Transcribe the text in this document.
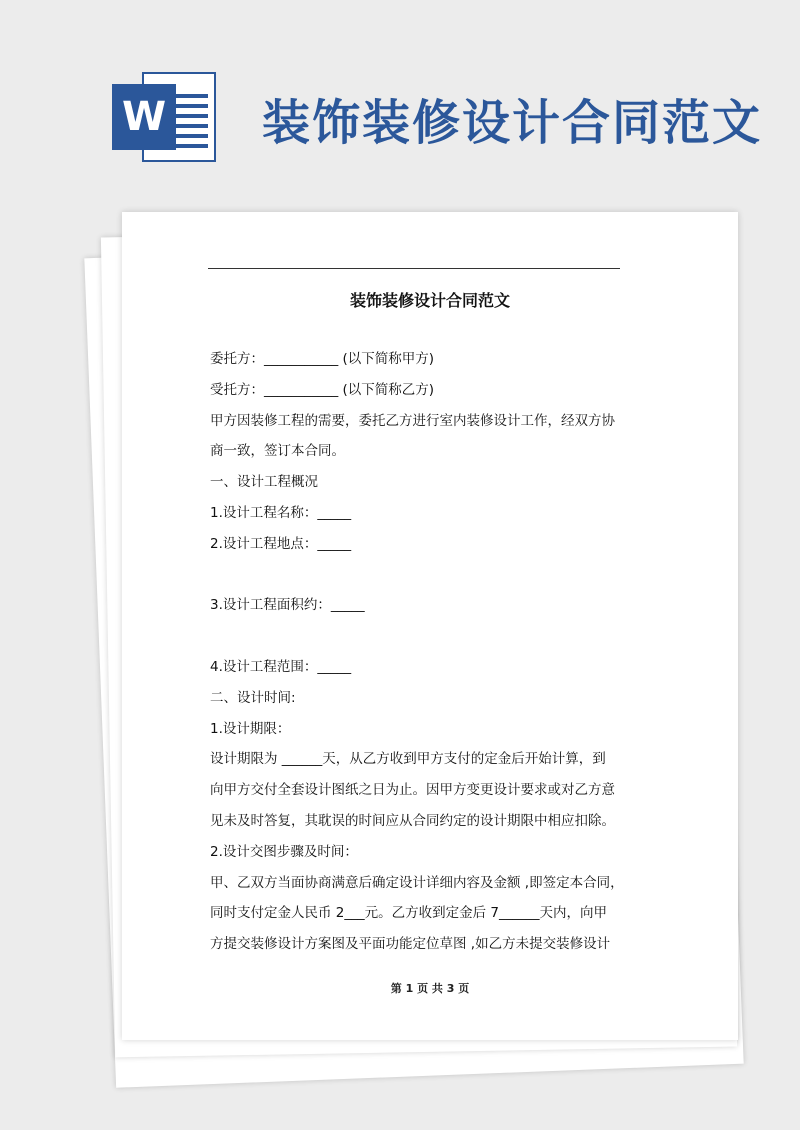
W 装饰装修设计合同范文
装饰装修设计合同范文
委托方：___________ (以下简称甲方)
受托方：___________ (以下简称乙方)
甲方因装修工程的需要，委托乙方进行室内装修设计工作，经双方协
商一致，签订本合同。
一、设计工程概况
1.设计工程名称：_____
2.设计工程地点：_____
3.设计工程面积约：_____
4.设计工程范围：_____
二、设计时间:
1.设计期限：
设计期限为 ______天，从乙方收到甲方支付的定金后开始计算，到
向甲方交付全套设计图纸之日为止。因甲方变更设计要求或对乙方意
见未及时答复，其耽误的时间应从合同约定的设计期限中相应扣除。
2.设计交图步骤及时间：
甲、乙双方当面协商满意后确定设计详细内容及金额 ,即签定本合同，
同时支付定金人民币 2___元。乙方收到定金后 7______天内，向甲
方提交装修设计方案图及平面功能定位草图 ,如乙方未提交装修设计
第 1 页 共 3 页
